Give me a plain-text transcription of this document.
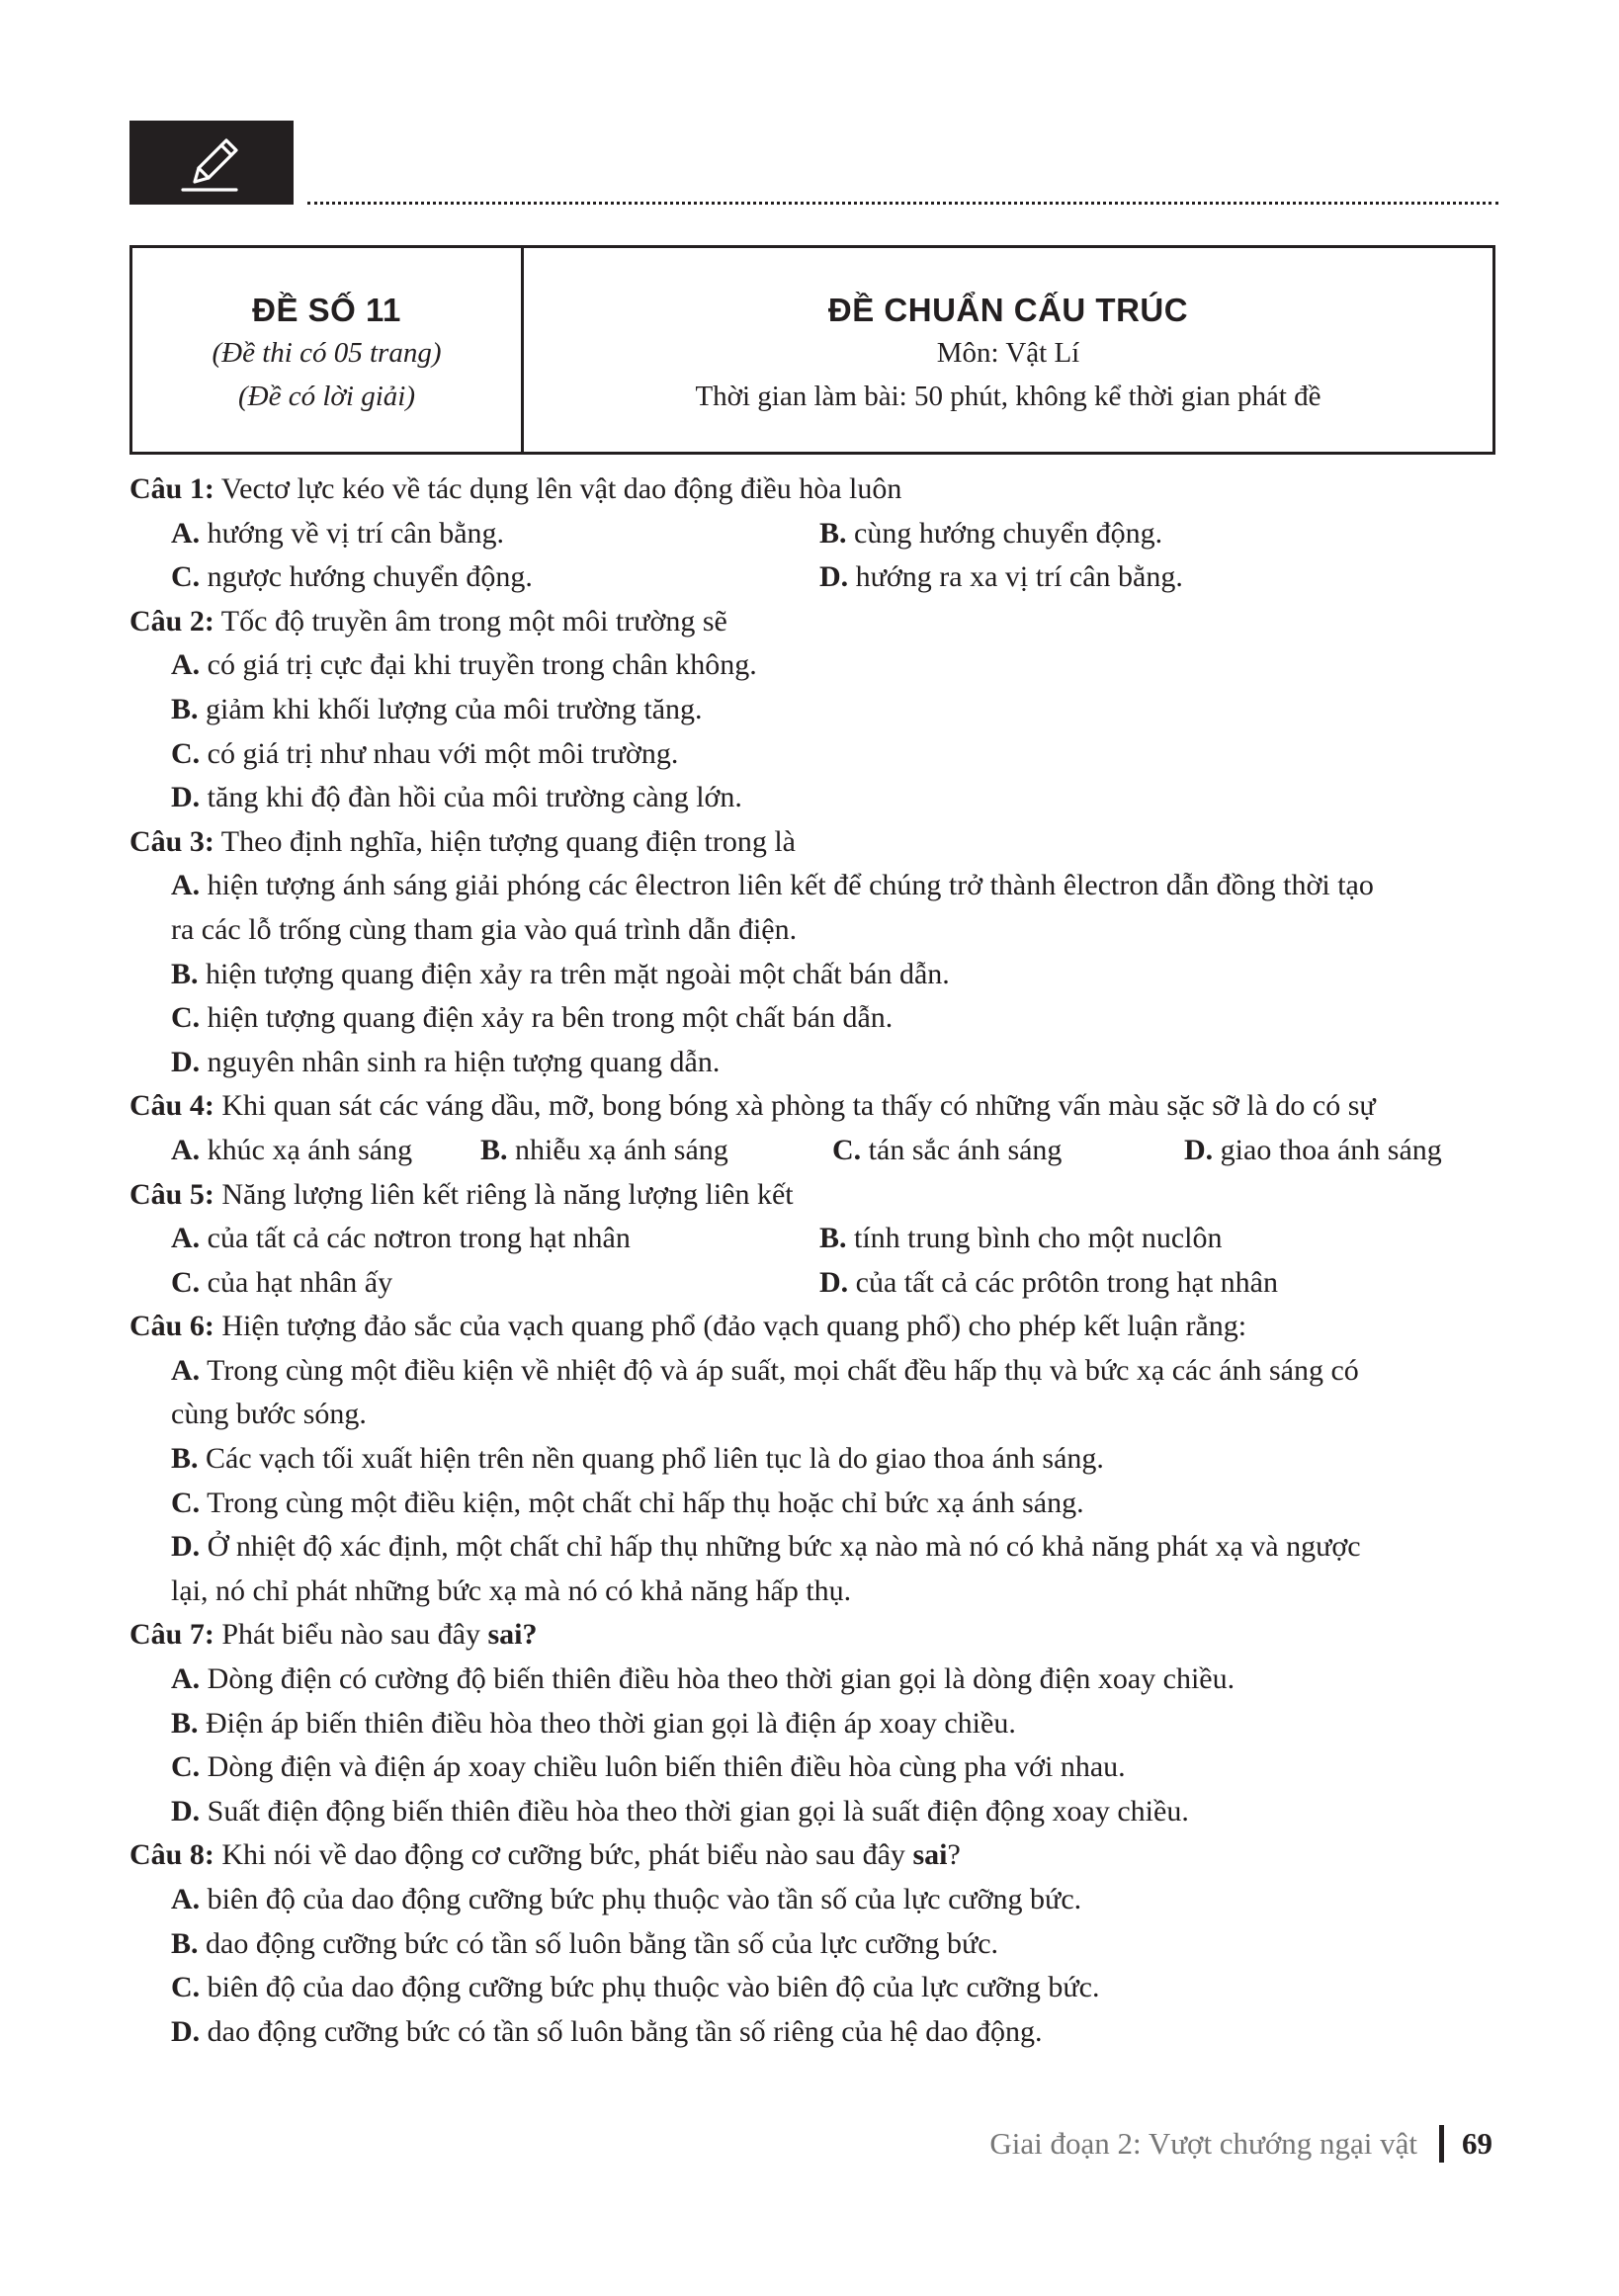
ĐỀ SỐ 11
(Đề thi có 05 trang)
(Đề có lời giải)
ĐỀ CHUẨN CẤU TRÚC
Môn: Vật Lí
Thời gian làm bài: 50 phút, không kể thời gian phát đề
Câu 1: Vectơ lực kéo về tác dụng lên vật dao động điều hòa luôn
A. hướng về vị trí cân bằng.	B. cùng hướng chuyển động.
C. ngược hướng chuyển động.	D. hướng ra xa vị trí cân bằng.
Câu 2: Tốc độ truyền âm trong một môi trường sẽ
A. có giá trị cực đại khi truyền trong chân không.
B. giảm khi khối lượng của môi trường tăng.
C. có giá trị như nhau với một môi trường.
D. tăng khi độ đàn hồi của môi trường càng lớn.
Câu 3: Theo định nghĩa, hiện tượng quang điện trong là
A. hiện tượng ánh sáng giải phóng các êlectron liên kết để chúng trở thành êlectron dẫn đồng thời tạo
ra các lỗ trống cùng tham gia vào quá trình dẫn điện.
B. hiện tượng quang điện xảy ra trên mặt ngoài một chất bán dẫn.
C. hiện tượng quang điện xảy ra bên trong một chất bán dẫn.
D. nguyên nhân sinh ra hiện tượng quang dẫn.
Câu 4: Khi quan sát các váng dầu, mỡ, bong bóng xà phòng ta thấy có những vấn màu sặc sỡ là do có sự
A. khúc xạ ánh sáng	B. nhiễu xạ ánh sáng	C. tán sắc ánh sáng	D. giao thoa ánh sáng
Câu 5: Năng lượng liên kết riêng là năng lượng liên kết
A. của tất cả các nơtron trong hạt nhân	B. tính trung bình cho một nuclôn
C. của hạt nhân ấy	D. của tất cả các prôtôn trong hạt nhân
Câu 6: Hiện tượng đảo sắc của vạch quang phổ (đảo vạch quang phổ) cho phép kết luận rằng:
A. Trong cùng một điều kiện về nhiệt độ và áp suất, mọi chất đều hấp thụ và bức xạ các ánh sáng có
cùng bước sóng.
B. Các vạch tối xuất hiện trên nền quang phổ liên tục là do giao thoa ánh sáng.
C. Trong cùng một điều kiện, một chất chỉ hấp thụ hoặc chỉ bức xạ ánh sáng.
D. Ở nhiệt độ xác định, một chất chỉ hấp thụ những bức xạ nào mà nó có khả năng phát xạ và ngược
lại, nó chỉ phát những bức xạ mà nó có khả năng hấp thụ.
Câu 7: Phát biểu nào sau đây sai?
A. Dòng điện có cường độ biến thiên điều hòa theo thời gian gọi là dòng điện xoay chiều.
B. Điện áp biến thiên điều hòa theo thời gian gọi là điện áp xoay chiều.
C. Dòng điện và điện áp xoay chiều luôn biến thiên điều hòa cùng pha với nhau.
D. Suất điện động biến thiên điều hòa theo thời gian gọi là suất điện động xoay chiều.
Câu 8: Khi nói về dao động cơ cưỡng bức, phát biểu nào sau đây sai?
A. biên độ của dao động cưỡng bức phụ thuộc vào tần số của lực cưỡng bức.
B. dao động cưỡng bức có tần số luôn bằng tần số của lực cưỡng bức.
C. biên độ của dao động cưỡng bức phụ thuộc vào biên độ của lực cưỡng bức.
D. dao động cưỡng bức có tần số luôn bằng tần số riêng của hệ dao động.
Giai đoạn 2: Vượt chướng ngại vật 69
